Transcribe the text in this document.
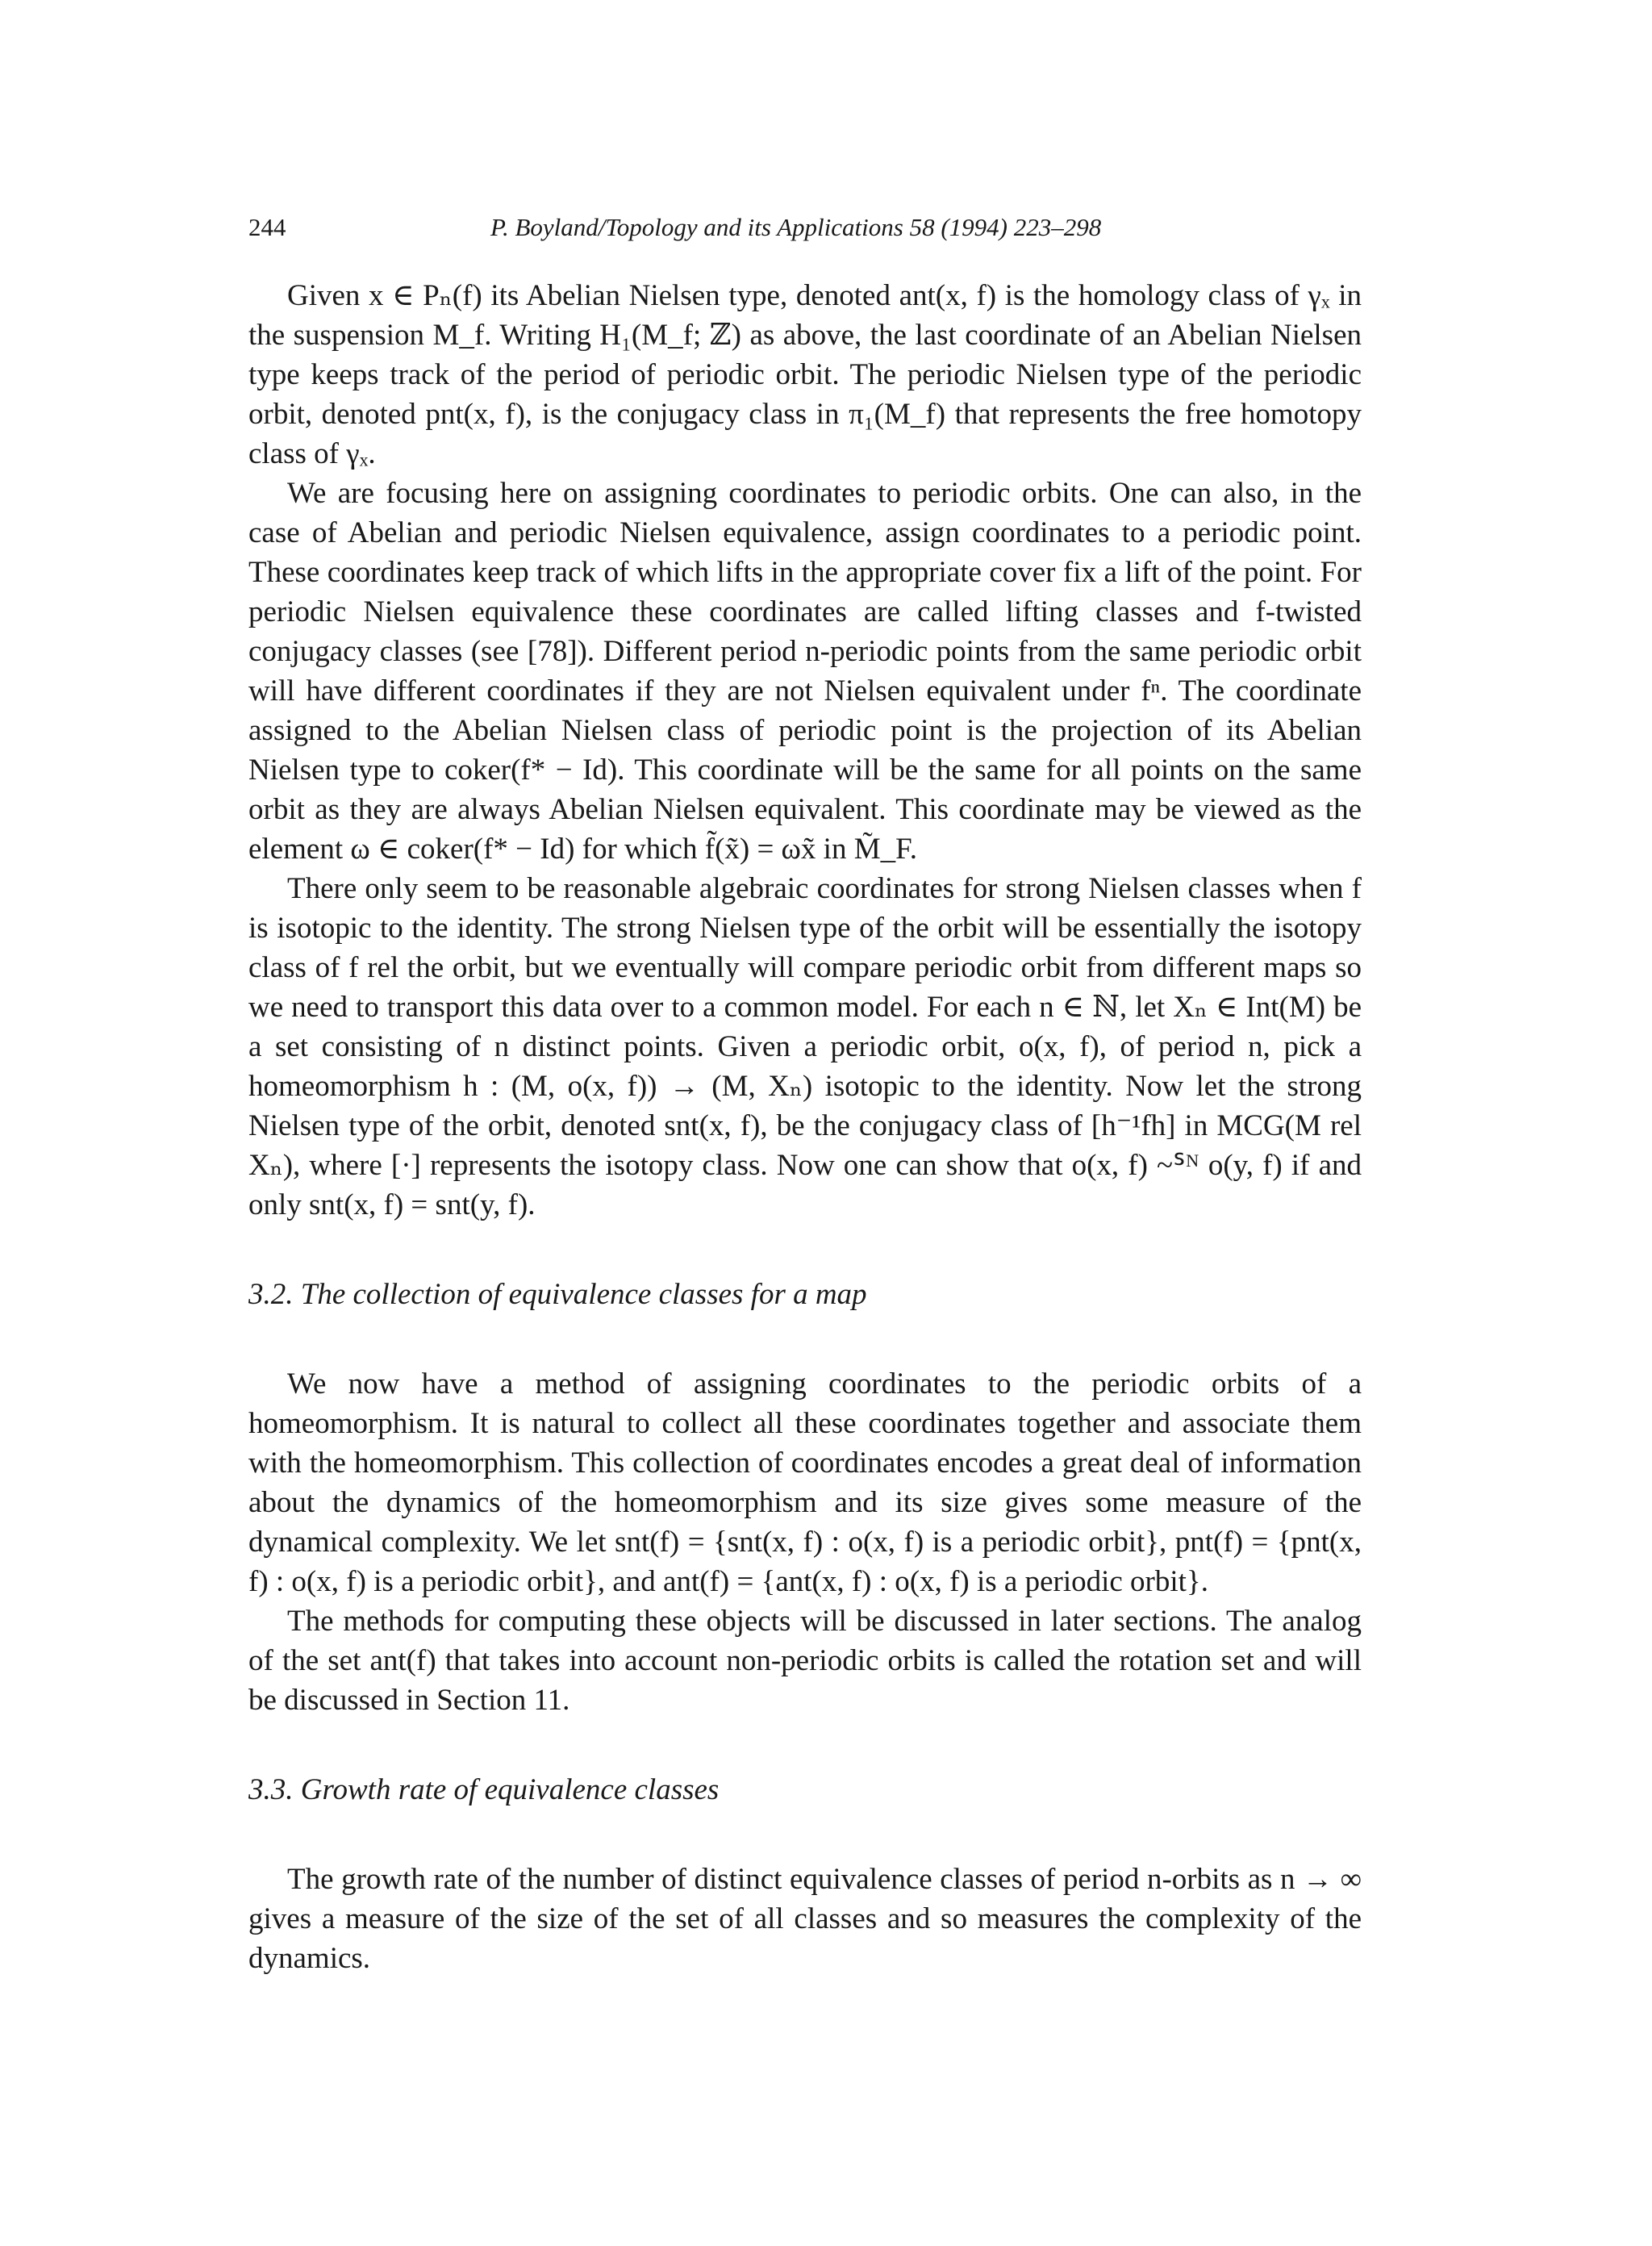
244	P. Boyland/Topology and its Applications 58 (1994) 223–298

Given x ∈ Pₙ(f) its Abelian Nielsen type, denoted ant(x, f) is the homology class of γₓ in the suspension M_f. Writing H₁(M_f; ℤ) as above, the last coordinate of an Abelian Nielsen type keeps track of the period of periodic orbit. The periodic Nielsen type of the periodic orbit, denoted pnt(x, f), is the conjugacy class in π₁(M_f) that represents the free homotopy class of γₓ.

We are focusing here on assigning coordinates to periodic orbits. One can also, in the case of Abelian and periodic Nielsen equivalence, assign coordinates to a periodic point. These coordinates keep track of which lifts in the appropriate cover fix a lift of the point. For periodic Nielsen equivalence these coordinates are called lifting classes and f-twisted conjugacy classes (see [78]). Different period n-periodic points from the same periodic orbit will have different coordinates if they are not Nielsen equivalent under fⁿ. The coordinate assigned to the Abelian Nielsen class of periodic point is the projection of its Abelian Nielsen type to coker(f* − Id). This coordinate will be the same for all points on the same orbit as they are always Abelian Nielsen equivalent. This coordinate may be viewed as the element ω ∈ coker(f* − Id) for which f̃(x̃) = ωx̃ in M̃_F.

There only seem to be reasonable algebraic coordinates for strong Nielsen classes when f is isotopic to the identity. The strong Nielsen type of the orbit will be essentially the isotopy class of f rel the orbit, but we eventually will compare periodic orbit from different maps so we need to transport this data over to a common model. For each n ∈ ℕ, let Xₙ ∈ Int(M) be a set consisting of n distinct points. Given a periodic orbit, o(x, f), of period n, pick a homeomorphism h : (M, o(x, f)) → (M, Xₙ) isotopic to the identity. Now let the strong Nielsen type of the orbit, denoted snt(x, f), be the conjugacy class of [h⁻¹fh] in MCG(M rel Xₙ), where [·] represents the isotopy class. Now one can show that o(x, f) ~ᔆᴺ o(y, f) if and only snt(x, f) = snt(y, f).

3.2. The collection of equivalence classes for a map

We now have a method of assigning coordinates to the periodic orbits of a homeomorphism. It is natural to collect all these coordinates together and associate them with the homeomorphism. This collection of coordinates encodes a great deal of information about the dynamics of the homeomorphism and its size gives some measure of the dynamical complexity. We let snt(f) = {snt(x, f) : o(x, f) is a periodic orbit}, pnt(f) = {pnt(x, f) : o(x, f) is a periodic orbit}, and ant(f) = {ant(x, f) : o(x, f) is a periodic orbit}.

The methods for computing these objects will be discussed in later sections. The analog of the set ant(f) that takes into account non-periodic orbits is called the rotation set and will be discussed in Section 11.

3.3. Growth rate of equivalence classes

The growth rate of the number of distinct equivalence classes of period n-orbits as n → ∞ gives a measure of the size of the set of all classes and so measures the complexity of the dynamics.
